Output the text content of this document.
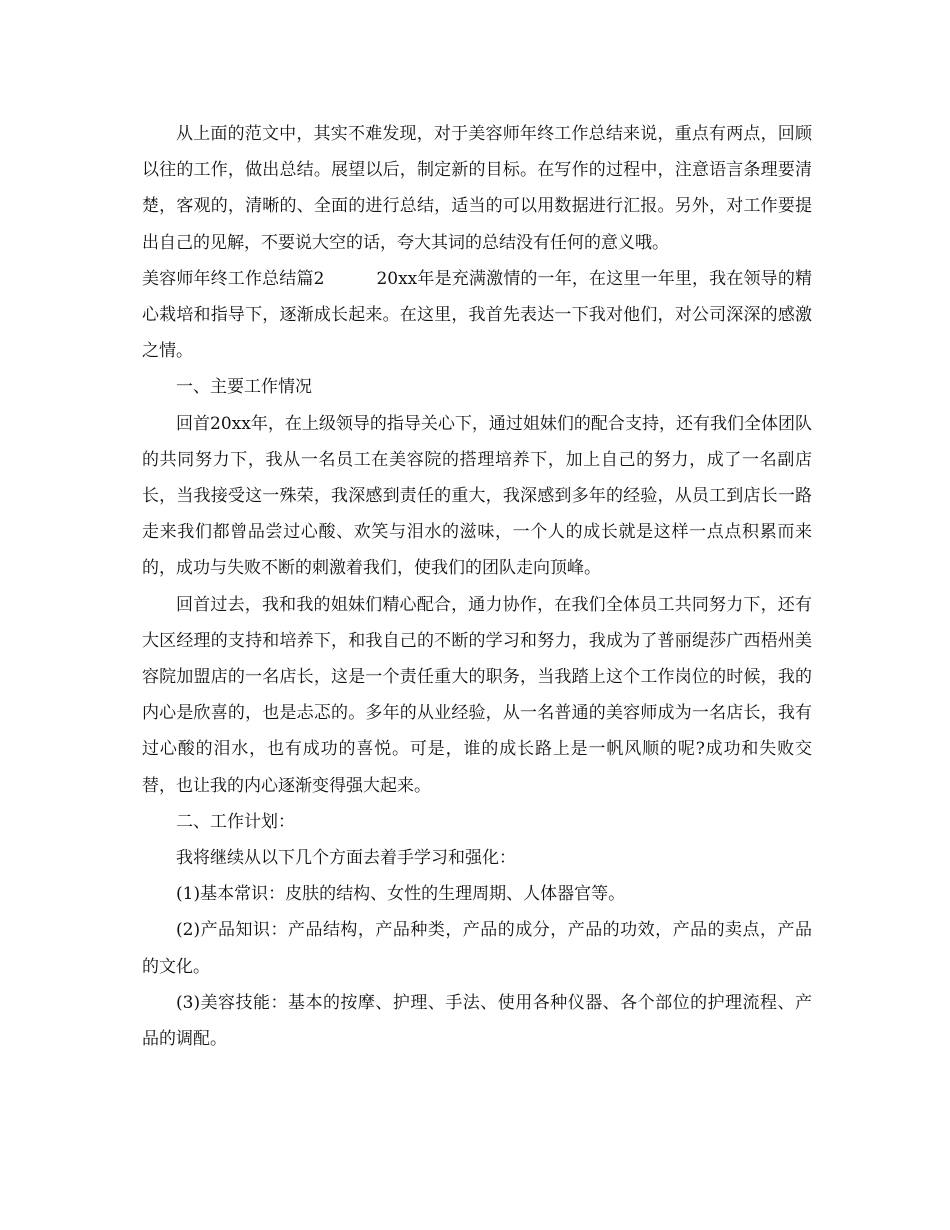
从上面的范文中，其实不难发现，对于美容师年终工作总结来说，重点有两点，回顾以往的工作，做出总结。展望以后，制定新的目标。在写作的过程中，注意语言条理要清楚，客观的，清晰的、全面的进行总结，适当的可以用数据进行汇报。另外，对工作要提出自己的见解，不要说大空的话，夸大其词的总结没有任何的意义哦。

美容师年终工作总结篇2	20xx年是充满激情的一年，在这里一年里，我在领导的精心栽培和指导下，逐渐成长起来。在这里，我首先表达一下我对他们，对公司深深的感激之情。

一、主要工作情况

回首20xx年，在上级领导的指导关心下，通过姐妹们的配合支持，还有我们全体团队的共同努力下，我从一名员工在美容院的搭理培养下，加上自己的努力，成了一名副店长，当我接受这一殊荣，我深感到责任的重大，我深感到多年的经验，从员工到店长一路走来我们都曾品尝过心酸、欢笑与泪水的滋味，一个人的成长就是这样一点点积累而来的，成功与失败不断的刺激着我们，使我们的团队走向顶峰。

回首过去，我和我的姐妹们精心配合，通力协作，在我们全体员工共同努力下，还有大区经理的支持和培养下，和我自己的不断的学习和努力，我成为了普丽缇莎广西梧州美容院加盟店的一名店长，这是一个责任重大的职务，当我踏上这个工作岗位的时候，我的内心是欣喜的，也是忐忑的。多年的从业经验，从一名普通的美容师成为一名店长，我有过心酸的泪水，也有成功的喜悦。可是，谁的成长路上是一帆风顺的呢?成功和失败交替，也让我的内心逐渐变得强大起来。

二、工作计划：

我将继续从以下几个方面去着手学习和强化：

(1)基本常识：皮肤的结构、女性的生理周期、人体器官等。

(2)产品知识：产品结构，产品种类，产品的成分，产品的功效，产品的卖点，产品的文化。

(3)美容技能：基本的按摩、护理、手法、使用各种仪器、各个部位的护理流程、产品的调配。
